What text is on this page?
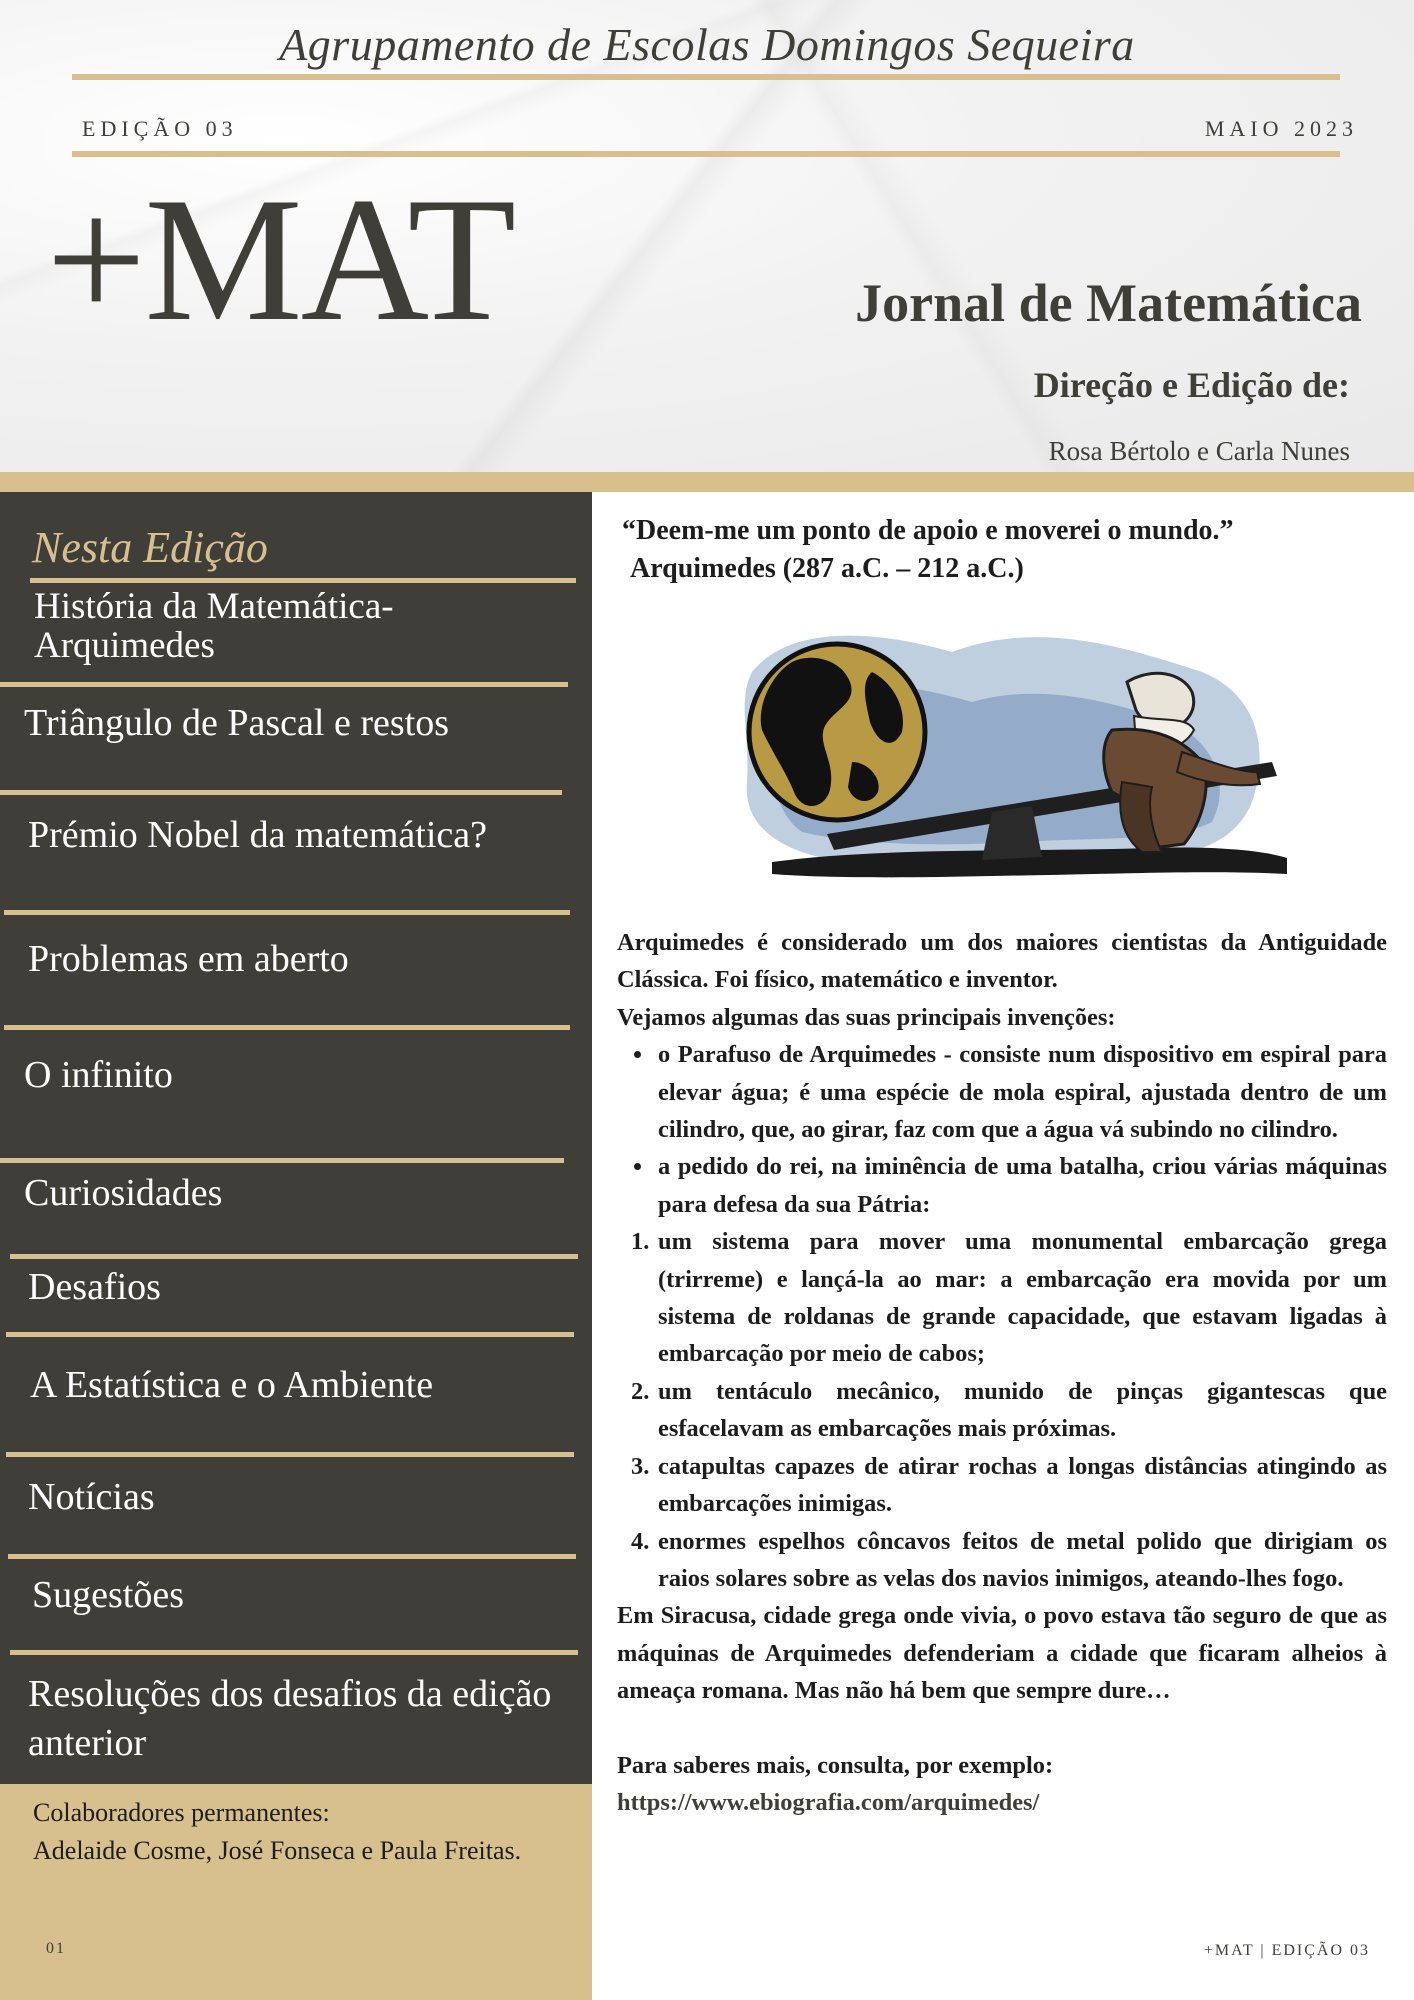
Agrupamento de Escolas Domingos Sequeira
EDIÇÃO 03	MAIO 2023
+MAT	Jornal de Matemática
Direção e Edição de:
Rosa Bértolo e Carla Nunes
Nesta Edição
História da Matemática- Arquimedes
Triângulo de Pascal e restos
Prémio Nobel da matemática?
Problemas em aberto
O infinito
Curiosidades
Desafios
A Estatística e o Ambiente
Notícias
Sugestões
Resoluções dos desafios da edição anterior
Colaboradores permanentes:
Adelaide Cosme, José Fonseca e Paula Freitas.
01
“Deem-me um ponto de apoio e moverei o mundo.”
Arquimedes (287 a.C. – 212 a.C.)

Arquimedes é considerado um dos maiores cientistas da Antiguidade Clássica. Foi físico, matemático e inventor.

Vejamos algumas das suas principais invenções:

o Parafuso de Arquimedes - consiste num dispositivo em espiral para elevar água; é uma espécie de mola espiral, ajustada dentro de um cilindro, que, ao girar, faz com que a água vá subindo no cilindro.
a pedido do rei, na iminência de uma batalha, criou várias máquinas para defesa da sua Pátria:
1. um sistema para mover uma monumental embarcação grega (trirreme) e lançá-la ao mar: a embarcação era movida por um sistema de roldanas de grande capacidade, que estavam ligadas à embarcação por meio de cabos;
2. um tentáculo mecânico, munido de pinças gigantescas que esfacelavam as embarcações mais próximas.
3. catapultas capazes de atirar rochas a longas distâncias atingindo as embarcações inimigas.
4. enormes espelhos côncavos feitos de metal polido que dirigiam os raios solares sobre as velas dos navios inimigos, ateando-lhes fogo.

Em Siracusa, cidade grega onde vivia, o povo estava tão seguro de que as máquinas de Arquimedes defenderiam a cidade que ficaram alheios à ameaça romana. Mas não há bem que sempre dure…

Para saberes mais, consulta, por exemplo:

https://www.ebiografia.com/arquimedes/
+MAT | EDIÇÃO 03
